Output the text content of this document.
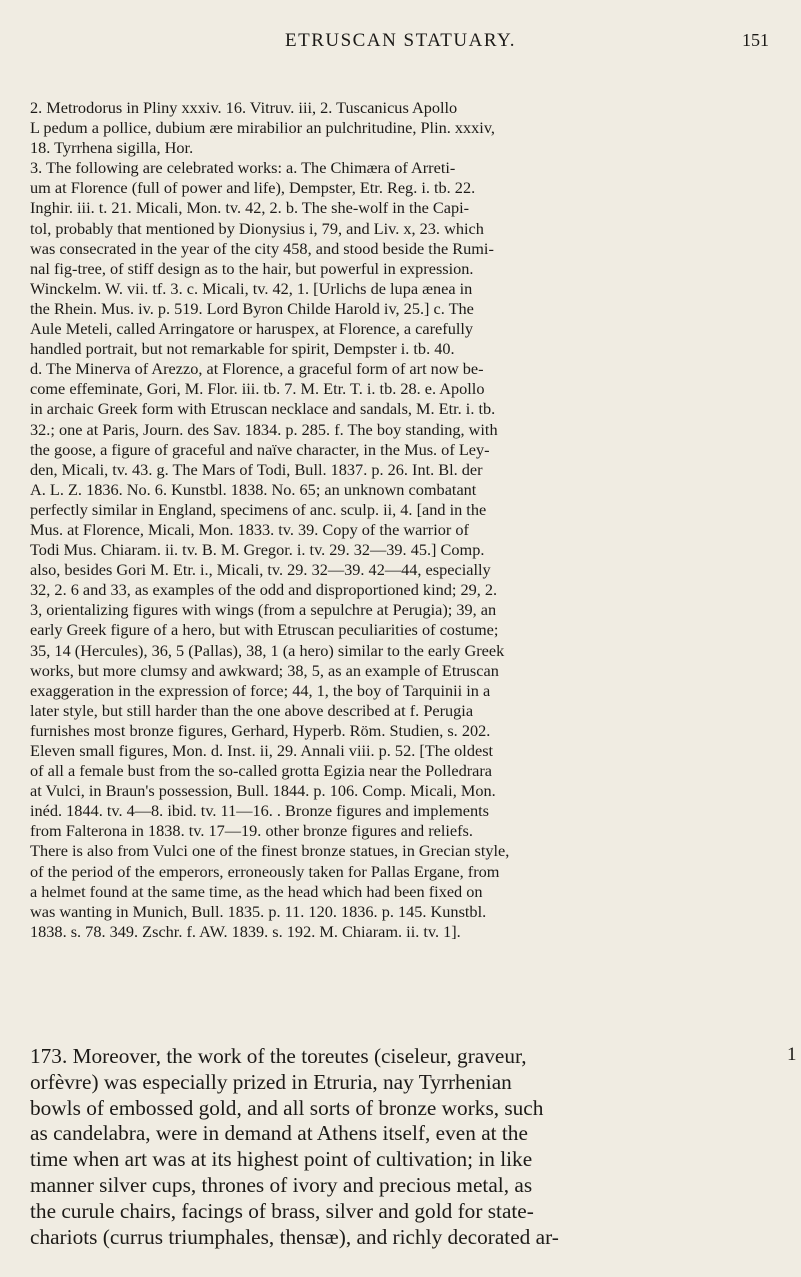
ETRUSCAN STATUARY.	151
2. Metrodorus in Pliny xxxiv. 16. Vitruv. iii, 2. Tuscanicus Apollo
L pedum a pollice, dubium ære mirabilior an pulchritudine, Plin. xxxiv,
18. Tyrrhena sigilla, Hor.
3. The following are celebrated works: a. The Chimæra of Arreti-
um at Florence (full of power and life), Dempster, Etr. Reg. i. tb. 22.
Inghir. iii. t. 21. Micali, Mon. tv. 42, 2. b. The she-wolf in the Capi-
tol, probably that mentioned by Dionysius i, 79, and Liv. x, 23. which
was consecrated in the year of the city 458, and stood beside the Rumi-
nal fig-tree, of stiff design as to the hair, but powerful in expression.
Winckelm. W. vii. tf. 3. c. Micali, tv. 42, 1. [Urlichs de lupa ænea in
the Rhein. Mus. iv. p. 519. Lord Byron Childe Harold iv, 25.] c. The
Aule Meteli, called Arringatore or haruspex, at Florence, a carefully
handled portrait, but not remarkable for spirit, Dempster i. tb. 40.
d. The Minerva of Arezzo, at Florence, a graceful form of art now be-
come effeminate, Gori, M. Flor. iii. tb. 7. M. Etr. T. i. tb. 28. e. Apollo
in archaic Greek form with Etruscan necklace and sandals, M. Etr. i. tb.
32.; one at Paris, Journ. des Sav. 1834. p. 285. f. The boy standing, with
the goose, a figure of graceful and naïve character, in the Mus. of Ley-
den, Micali, tv. 43. g. The Mars of Todi, Bull. 1837. p. 26. Int. Bl. der
A. L. Z. 1836. No. 6. Kunstbl. 1838. No. 65; an unknown combatant
perfectly similar in England, specimens of anc. sculp. ii, 4. [and in the
Mus. at Florence, Micali, Mon. 1833. tv. 39. Copy of the warrior of
Todi Mus. Chiaram. ii. tv. B. M. Gregor. i. tv. 29. 32—39. 45.] Comp.
also, besides Gori M. Etr. i., Micali, tv. 29. 32—39. 42—44, especially
32, 2. 6 and 33, as examples of the odd and disproportioned kind; 29, 2.
3, orientalizing figures with wings (from a sepulchre at Perugia); 39, an
early Greek figure of a hero, but with Etruscan peculiarities of costume;
35, 14 (Hercules), 36, 5 (Pallas), 38, 1 (a hero) similar to the early Greek
works, but more clumsy and awkward; 38, 5, as an example of Etruscan
exaggeration in the expression of force; 44, 1, the boy of Tarquinii in a
later style, but still harder than the one above described at f. Perugia
furnishes most bronze figures, Gerhard, Hyperb. Röm. Studien, s. 202.
Eleven small figures, Mon. d. Inst. ii, 29. Annali viii. p. 52. [The oldest
of all a female bust from the so-called grotta Egizia near the Polledrara
at Vulci, in Braun's possession, Bull. 1844. p. 106. Comp. Micali, Mon.
inéd. 1844. tv. 4—8. ibid. tv. 11—16. . Bronze figures and implements
from Falterona in 1838. tv. 17—19. other bronze figures and reliefs.
There is also from Vulci one of the finest bronze statues, in Grecian style,
of the period of the emperors, erroneously taken for Pallas Ergane, from
a helmet found at the same time, as the head which had been fixed on
was wanting in Munich, Bull. 1835. p. 11. 120. 1836. p. 145. Kunstbl.
1838. s. 78. 349. Zschr. f. AW. 1839. s. 192. M. Chiaram. ii. tv. 1].
173. Moreover, the work of the toreutes (ciseleur, graveur,
orfèvre) was especially prized in Etruria, nay Tyrrhenian
bowls of embossed gold, and all sorts of bronze works, such
as candelabra, were in demand at Athens itself, even at the
time when art was at its highest point of cultivation; in like
manner silver cups, thrones of ivory and precious metal, as
the curule chairs, facings of brass, silver and gold for state-
chariots (currus triumphales, thensæ), and richly decorated ar-
1
